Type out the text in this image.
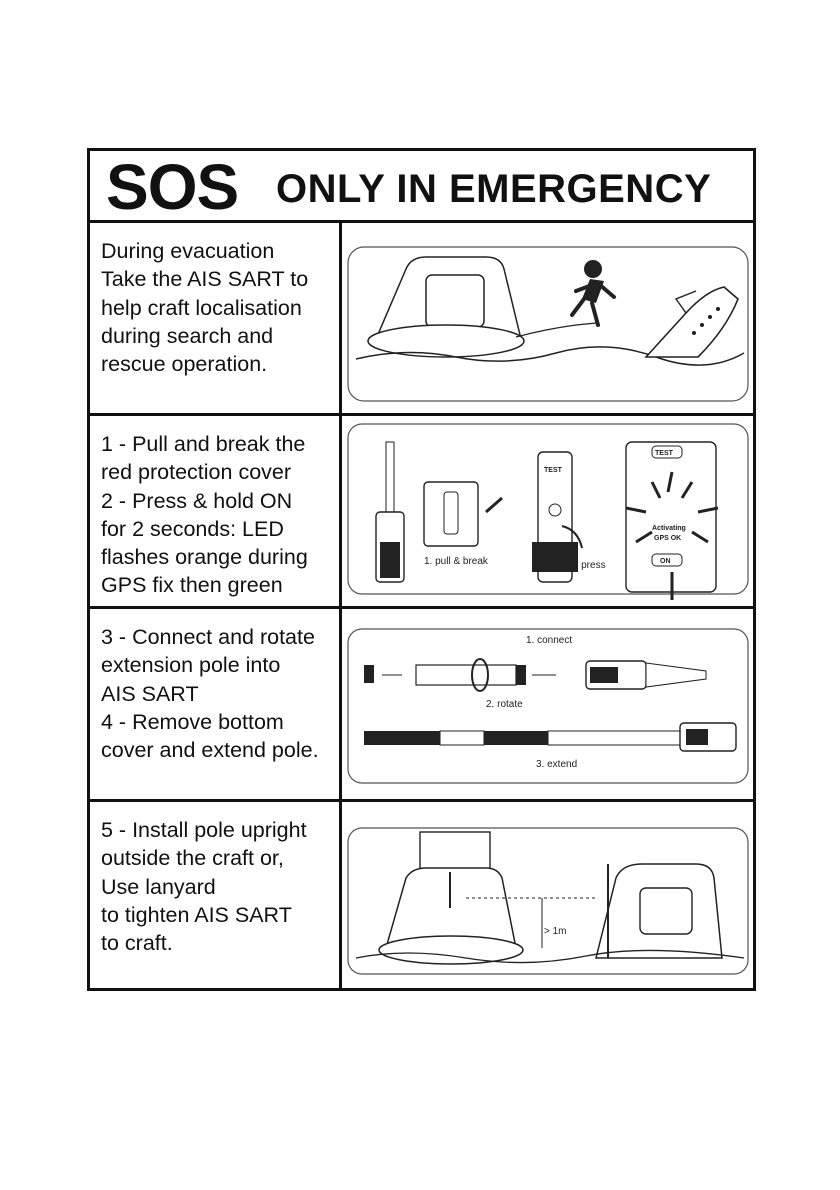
SOS ONLY IN EMERGENCY
During evacuation
Take the AIS SART to
help craft localisation
during search and
rescue operation.
1 - Pull and break the
red protection cover
2 - Press & hold ON
for 2 seconds: LED
flashes orange during
GPS fix then green
1. pull & break
TEST
2. press
TEST
Activating
GPS OK
ON
3 - Connect and rotate
extension pole into
AIS SART
4 - Remove bottom
cover and extend pole.
1. connect
2. rotate
3. extend
5 - Install pole upright
outside the craft or,
Use lanyard
to tighten AIS SART
to craft.	> 1m
